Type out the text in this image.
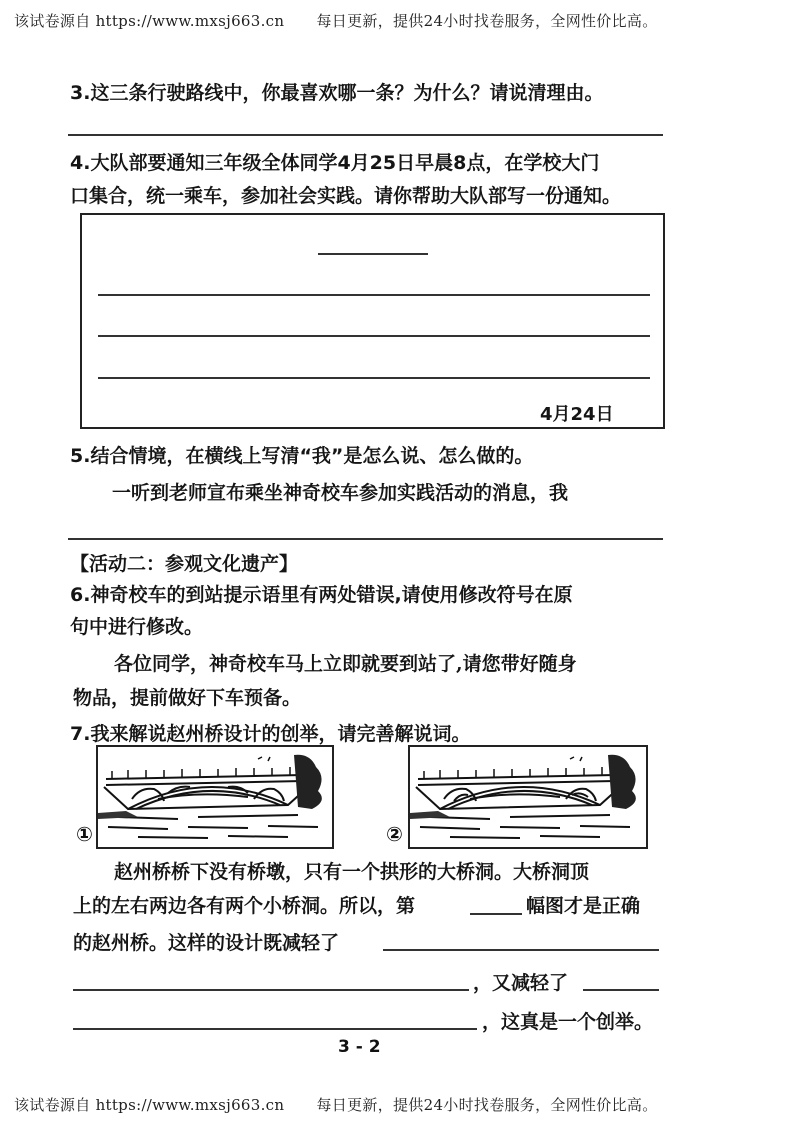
该试卷源自 https://www.mxsj663.cn 每日更新，提供24小时找卷服务，全网性价比高。
3.这三条行驶路线中，你最喜欢哪一条？为什么？请说清理由。
4.大队部要通知三年级全体同学4月25日早晨8点，在学校大门
口集合，统一乘车，参加社会实践。请你帮助大队部写一份通知。
4月24日
5.结合情境，在横线上写清“我”是怎么说、怎么做的。
一听到老师宣布乘坐神奇校车参加实践活动的消息，我
【活动二：参观文化遗产】
6.神奇校车的到站提示语里有两处错误,请使用修改符号在原
句中进行修改。
各位同学，神奇校车马上立即就要到站了,请您带好随身
物品，提前做好下车预备。
7.我来解说赵州桥设计的创举，请完善解说词。
①	②
赵州桥桥下没有桥墩，只有一个拱形的大桥洞。大桥洞顶
上的左右两边各有两个小桥洞。所以，第	幅图才是正确
的赵州桥。这样的设计既减轻了
，又减轻了
，这真是一个创举。
3 - 2
该试卷源自 https://www.mxsj663.cn 每日更新，提供24小时找卷服务，全网性价比高。
